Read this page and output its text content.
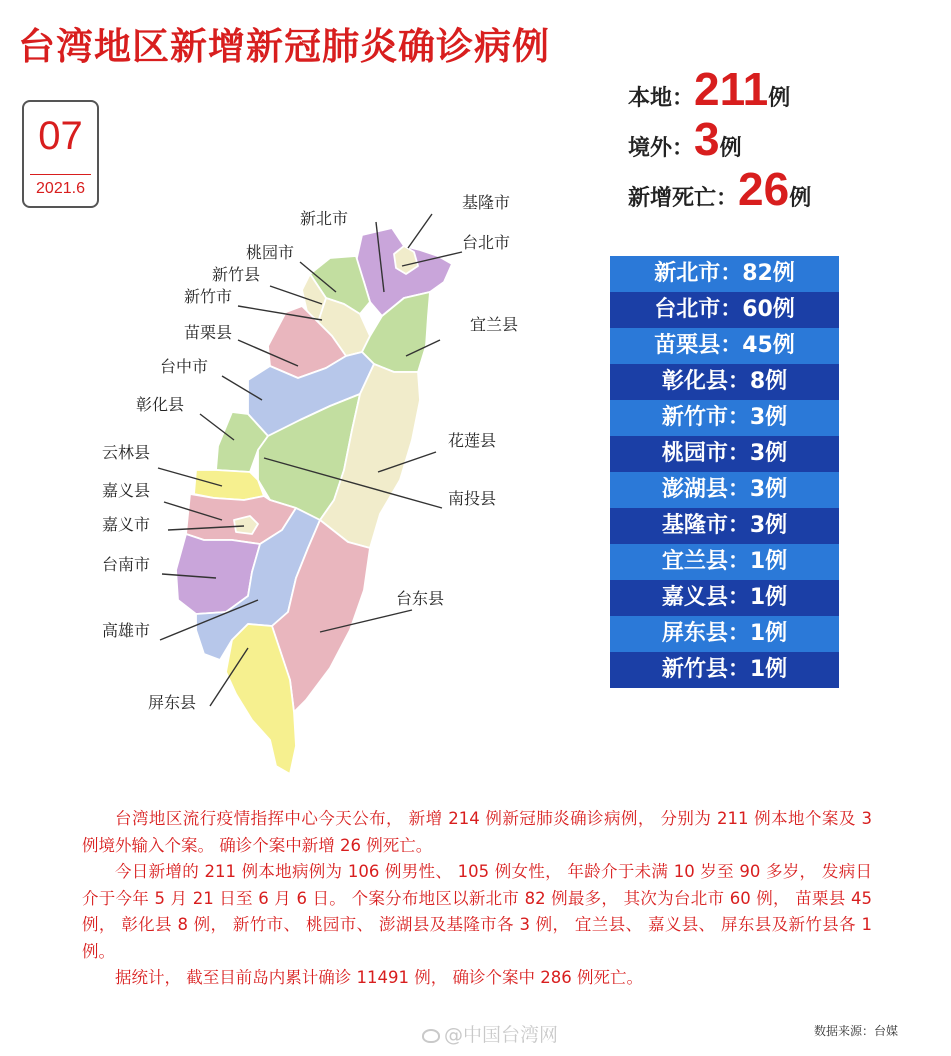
台湾地区新增新冠肺炎确诊病例
07
2021.6
本地：211例
境外：3例
新增死亡：26例
新北市：82例
台北市：60例
苗栗县：45例
彰化县：8例
新竹市：3例
桃园市：3例
澎湖县：3例
基隆市：3例
宜兰县：1例
嘉义县：1例
屏东县：1例
新竹县：1例
基隆市
新北市
台北市
桃园市
新竹县
新竹市
宜兰县
苗栗县
台中市
彰化县
花莲县
云林县
南投县
嘉义县
嘉义市
台南市
台东县
高雄市
屏东县

台湾地区流行疫情指挥中心今天公布， 新增 214 例新冠肺炎确诊病例， 分别为 211 例本地个案及 3 例境外输入个案。 确诊个案中新增 26 例死亡。

今日新增的 211 例本地病例为 106 例男性、 105 例女性， 年龄介于未满 10 岁至 90 多岁， 发病日介于今年 5 月 21 日至 6 月 6 日。 个案分布地区以新北市 82 例最多， 其次为台北市 60 例， 苗栗县 45 例， 彰化县 8 例， 新竹市、 桃园市、 澎湖县及基隆市各 3 例， 宜兰县、 嘉义县、 屏东县及新竹县各 1 例。

据统计， 截至目前岛内累计确诊 11491 例， 确诊个案中 286 例死亡。

@中国台湾网	数据来源：台媒
